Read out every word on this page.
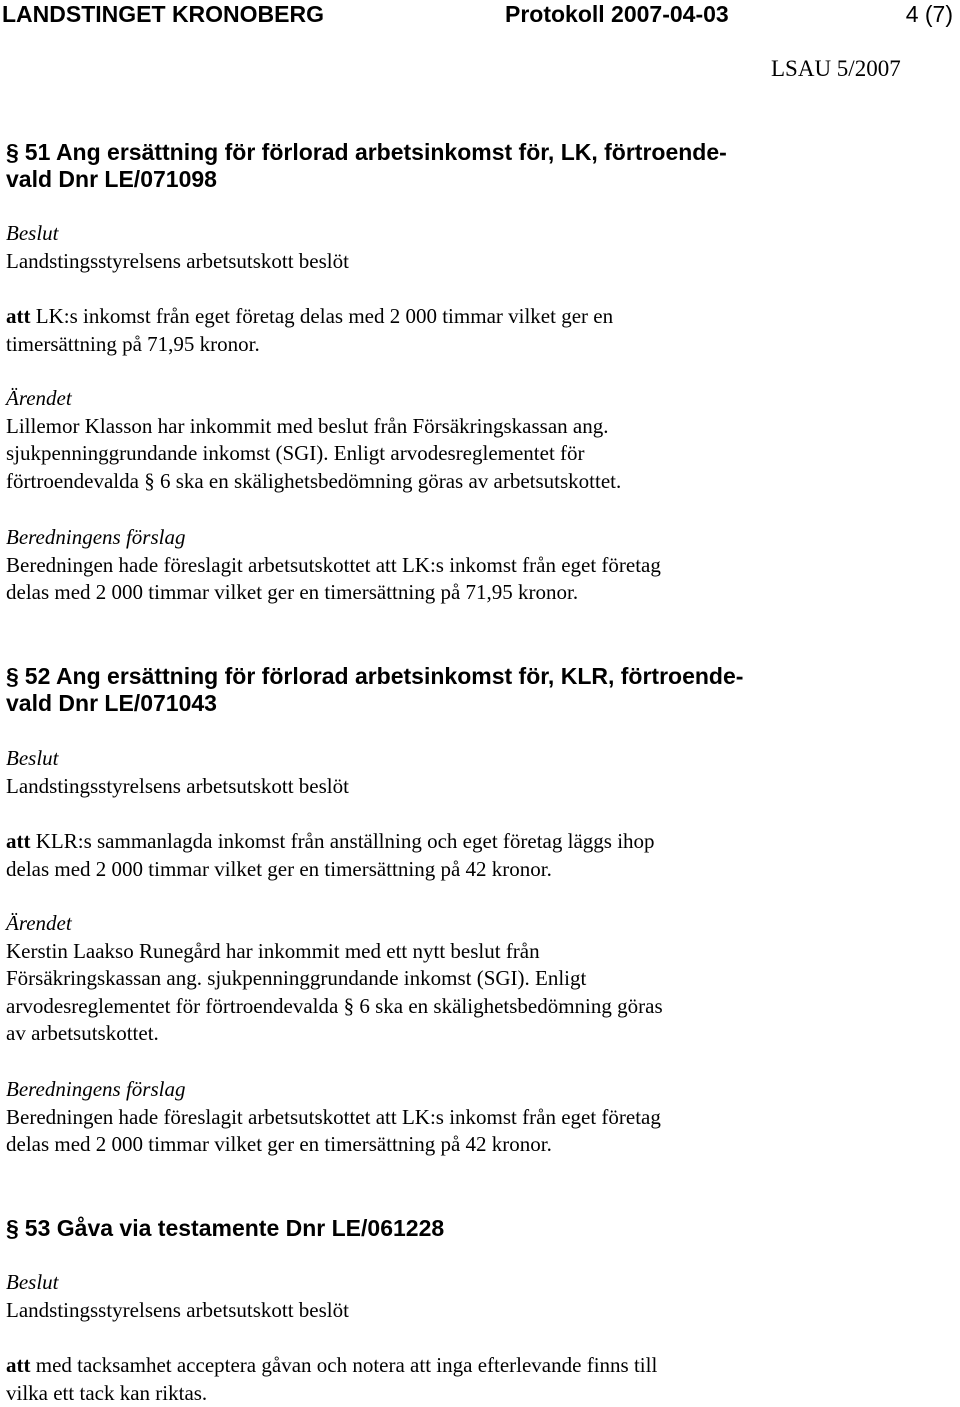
LANDSTINGET KRONOBERG	Protokoll 2007-04-03	4 (7)
LSAU 5/2007
§ 51 Ang ersättning för förlorad arbetsinkomst för, LK, förtroende-
vald Dnr LE/071098

Beslut

Landstingsstyrelsens arbetsutskott beslöt

att LK:s inkomst från eget företag delas med 2 000 timmar vilket ger en

timersättning på 71,95 kronor.

Ärendet

Lillemor Klasson har inkommit med beslut från Försäkringskassan ang.

sjukpenninggrundande inkomst (SGI). Enligt arvodesreglementet för

förtroendevalda § 6 ska en skälighetsbedömning göras av arbetsutskottet.

Beredningens förslag

Beredningen hade föreslagit arbetsutskottet att LK:s inkomst från eget företag

delas med 2 000 timmar vilket ger en timersättning på 71,95 kronor.

§ 52 Ang ersättning för förlorad arbetsinkomst för, KLR, förtroende-
vald Dnr LE/071043

Beslut

Landstingsstyrelsens arbetsutskott beslöt

att KLR:s sammanlagda inkomst från anställning och eget företag läggs ihop

delas med 2 000 timmar vilket ger en timersättning på 42 kronor.

Ärendet

Kerstin Laakso Runegård har inkommit med ett nytt beslut från

Försäkringskassan ang. sjukpenninggrundande inkomst (SGI). Enligt

arvodesreglementet för förtroendevalda § 6 ska en skälighetsbedömning göras

av arbetsutskottet.

Beredningens förslag

Beredningen hade föreslagit arbetsutskottet att LK:s inkomst från eget företag

delas med 2 000 timmar vilket ger en timersättning på 42 kronor.

§ 53 Gåva via testamente Dnr LE/061228

Beslut

Landstingsstyrelsens arbetsutskott beslöt

att med tacksamhet acceptera gåvan och notera att inga efterlevande finns till

vilka ett tack kan riktas.
